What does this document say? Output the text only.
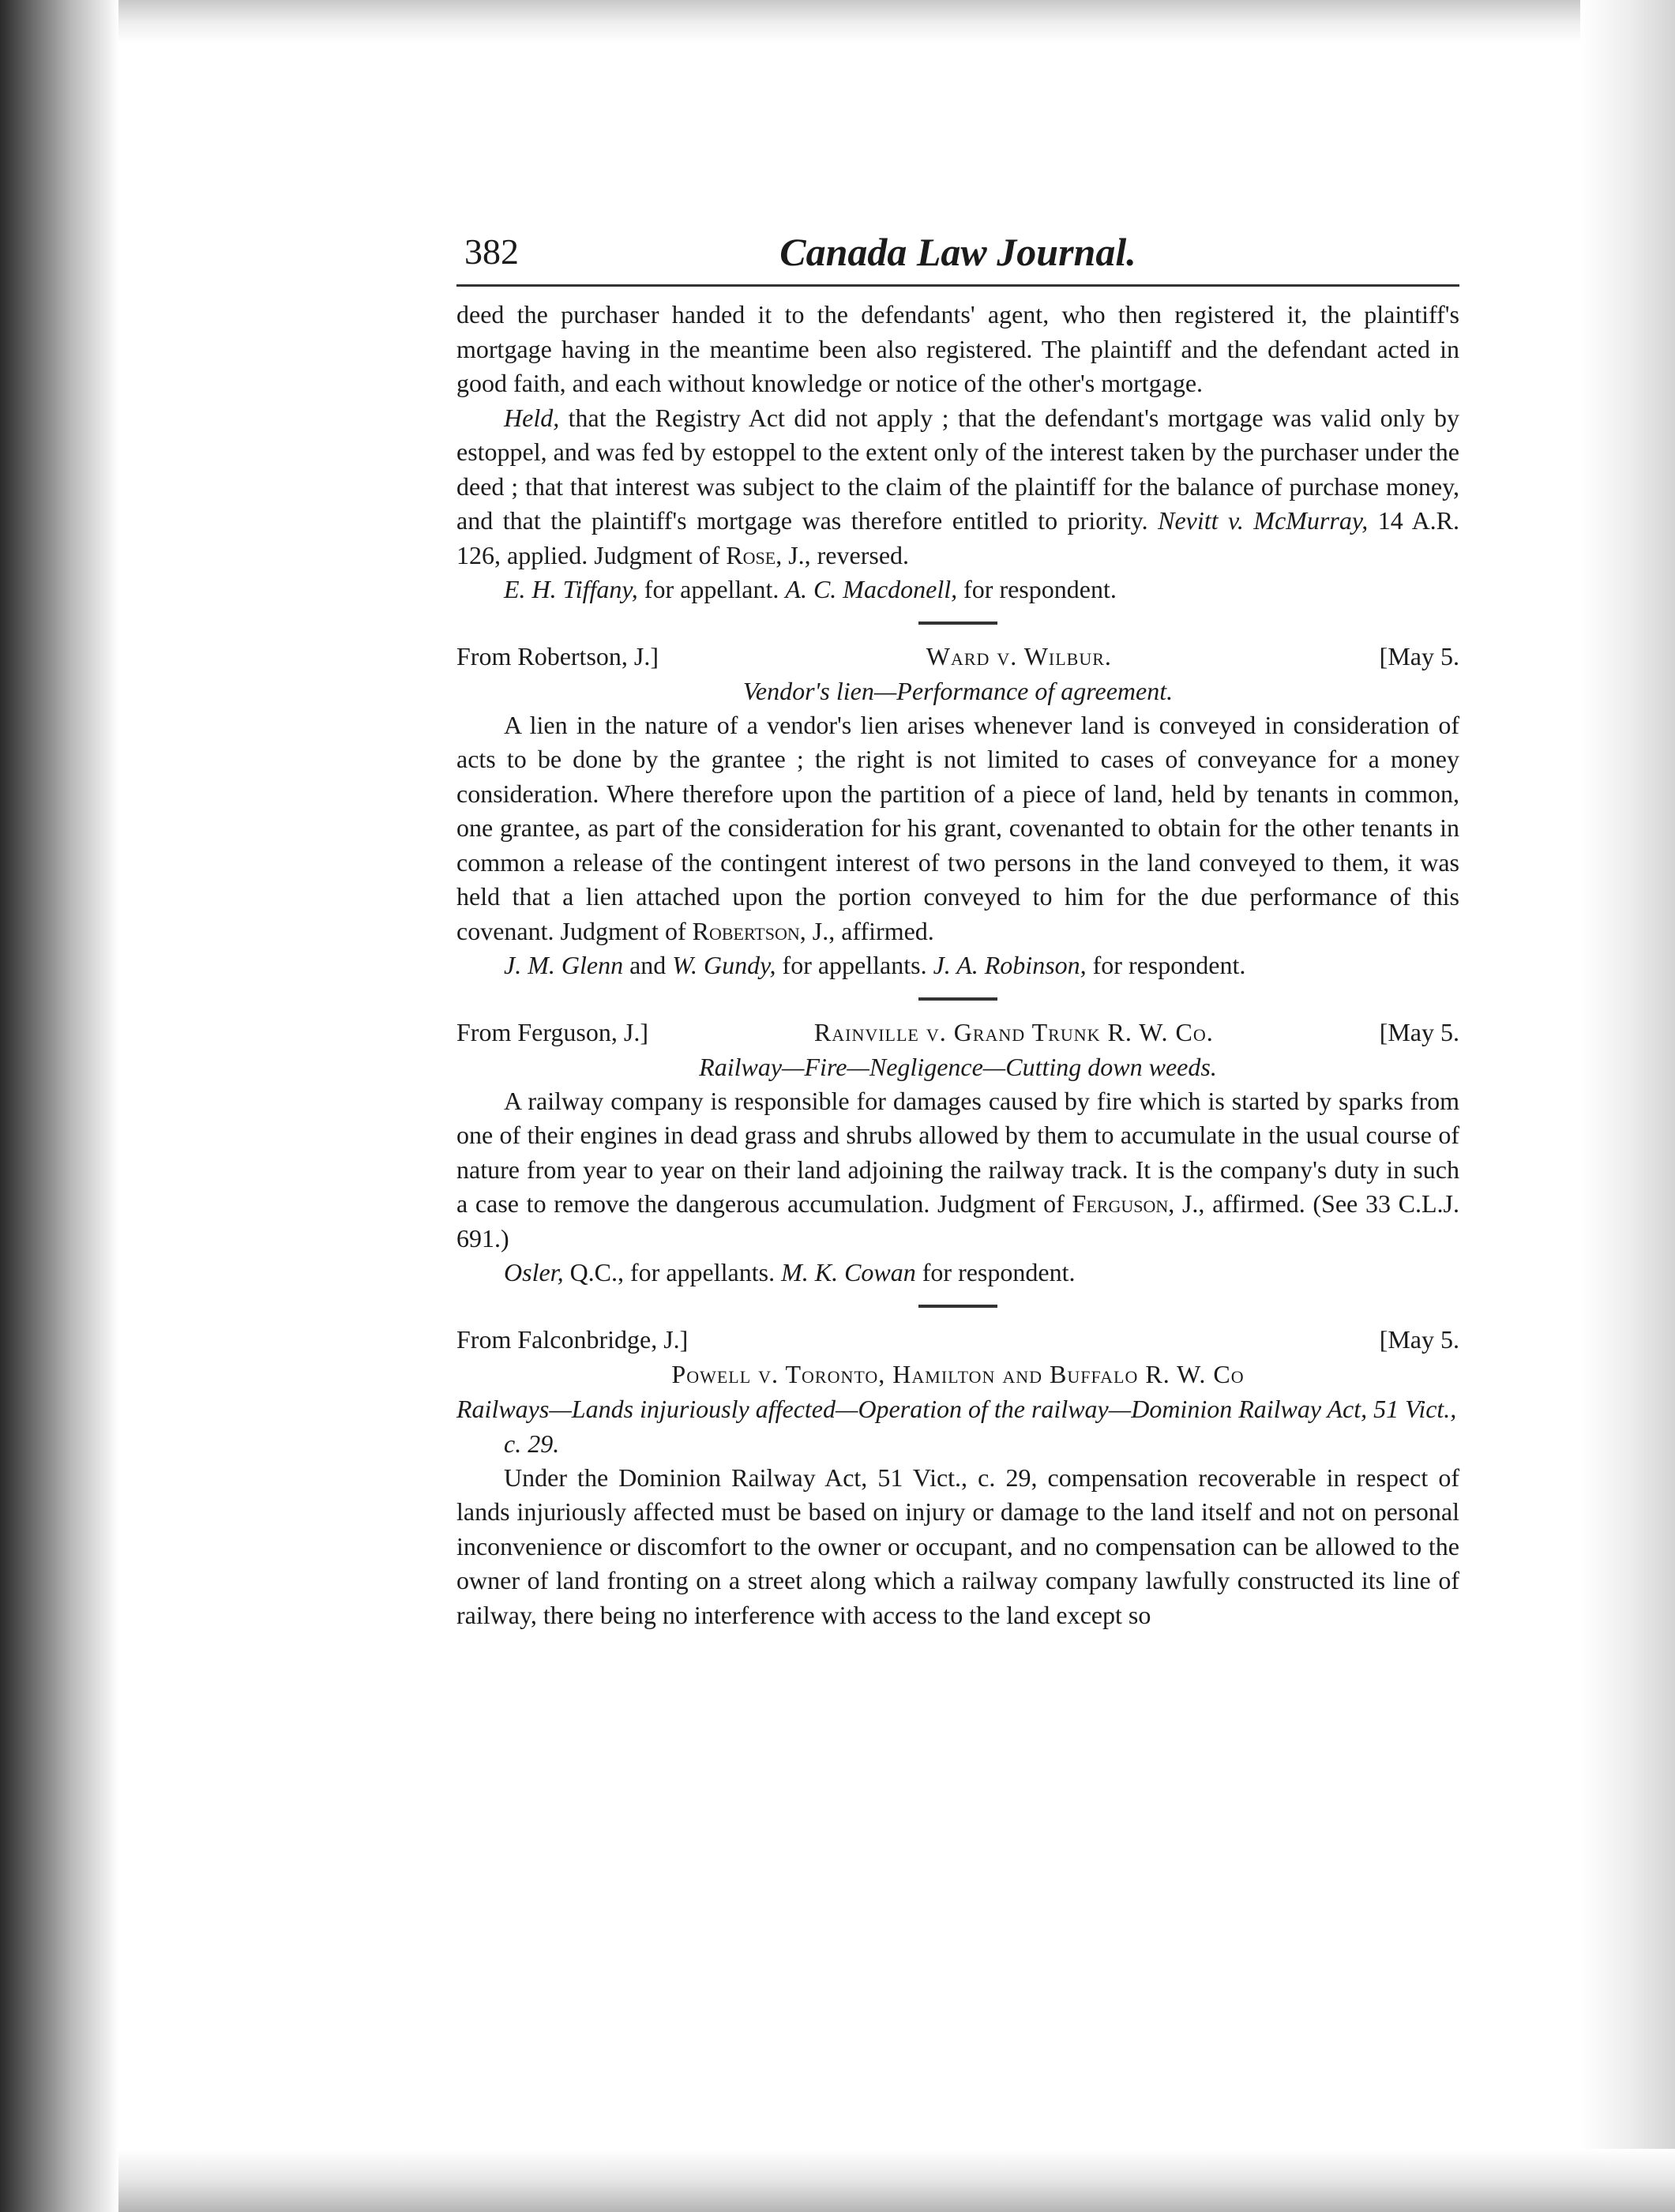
382	Canada Law Journal.

deed the purchaser handed it to the defendants' agent, who then registered it, the plaintiff's mortgage having in the meantime been also registered. The plaintiff and the defendant acted in good faith, and each without knowledge or notice of the other's mortgage.

Held, that the Registry Act did not apply ; that the defendant's mortgage was valid only by estoppel, and was fed by estoppel to the extent only of the interest taken by the purchaser under the deed ; that that interest was subject to the claim of the plaintiff for the balance of purchase money, and that the plaintiff's mortgage was therefore entitled to priority. Nevitt v. McMurray, 14 A.R. 126, applied. Judgment of Rose, J., reversed.

E. H. Tiffany, for appellant. A. C. Macdonell, for respondent.

From Robertson, J.]	Ward v. Wilbur.	[May 5.
Vendor's lien—Performance of agreement.

A lien in the nature of a vendor's lien arises whenever land is conveyed in consideration of acts to be done by the grantee ; the right is not limited to cases of conveyance for a money consideration. Where therefore upon the partition of a piece of land, held by tenants in common, one grantee, as part of the consideration for his grant, covenanted to obtain for the other tenants in common a release of the contingent interest of two persons in the land conveyed to them, it was held that a lien attached upon the portion conveyed to him for the due performance of this covenant. Judgment of Robertson, J., affirmed.

J. M. Glenn and W. Gundy, for appellants. J. A. Robinson, for respondent.

From Ferguson, J.]	Rainville v. Grand Trunk R. W. Co.	[May 5.
Railway—Fire—Negligence—Cutting down weeds.

A railway company is responsible for damages caused by fire which is started by sparks from one of their engines in dead grass and shrubs allowed by them to accumulate in the usual course of nature from year to year on their land adjoining the railway track. It is the company's duty in such a case to remove the dangerous accumulation. Judgment of Ferguson, J., affirmed. (See 33 C.L.J. 691.)

Osler, Q.C., for appellants. M. K. Cowan for respondent.

From Falconbridge, J.]	[May 5.
Powell v. Toronto, Hamilton and Buffalo R. W. Co
Railways—Lands injuriously affected—Operation of the railway—Dominion Railway Act, 51 Vict., c. 29.

Under the Dominion Railway Act, 51 Vict., c. 29, compensation recoverable in respect of lands injuriously affected must be based on injury or damage to the land itself and not on personal inconvenience or discomfort to the owner or occupant, and no compensation can be allowed to the owner of land fronting on a street along which a railway company lawfully constructed its line of railway, there being no interference with access to the land except so
